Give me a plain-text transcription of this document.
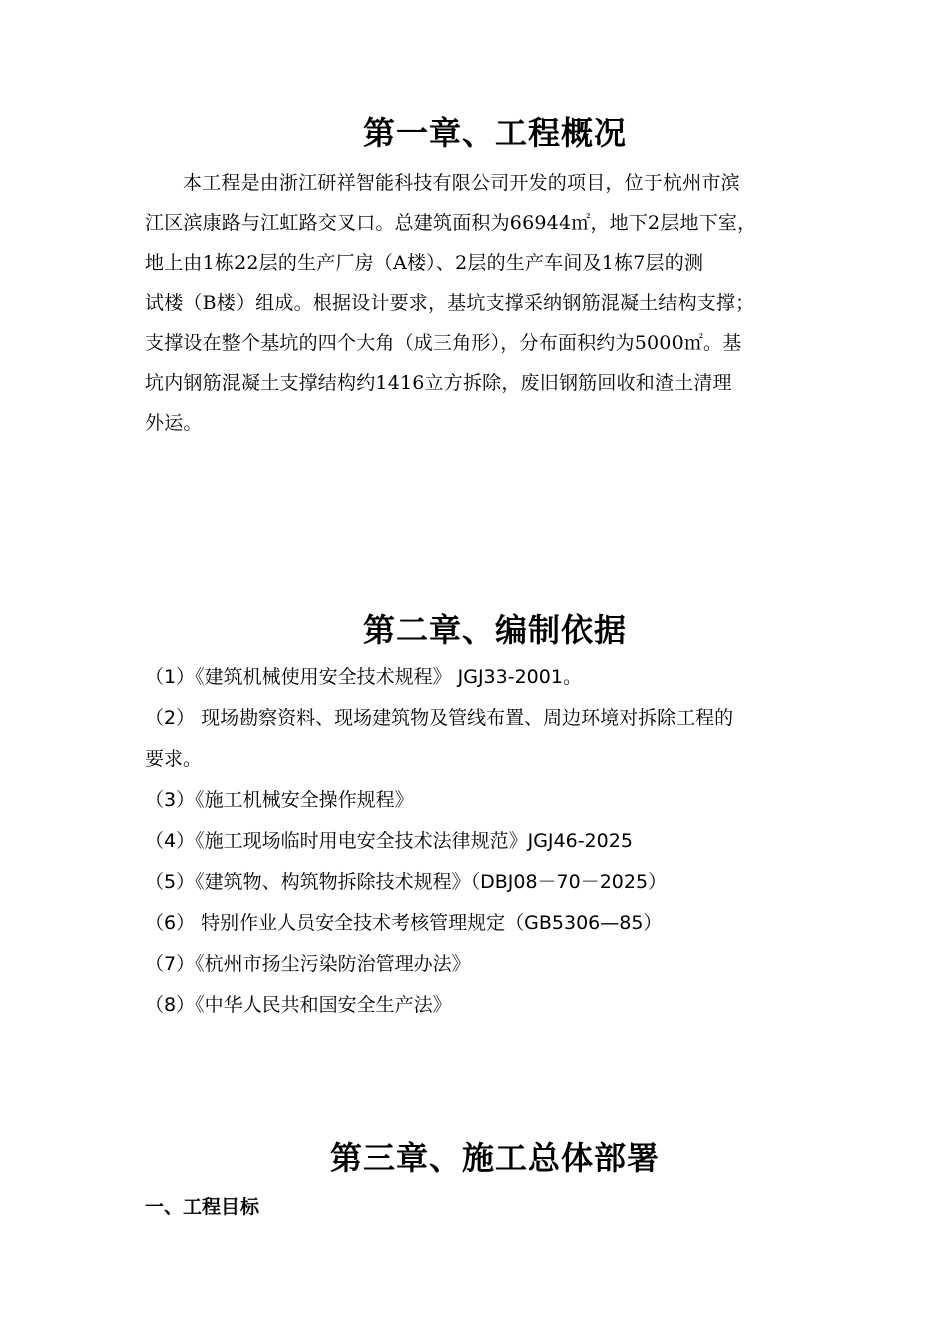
第一章、工程概况
本工程是由浙江研祥智能科技有限公司开发的项目，位于杭州市滨
江区滨康路与江虹路交叉口。总建筑面积为66944㎡，地下2层地下室，
地上由1栋22层的生产厂房（A楼）、2层的生产车间及1栋7层的测
试楼（B楼）组成。根据设计要求，基坑支撑采纳钢筋混凝土结构支撑；
支撑设在整个基坑的四个大角（成三角形），分布面积约为5000㎡。基
坑内钢筋混凝土支撑结构约1416立方拆除，废旧钢筋回收和渣土清理
外运。
第二章、编制依据
（1）《建筑机械使用安全技术规程》 JGJ33-2001。
（2） 现场勘察资料、现场建筑物及管线布置、周边环境对拆除工程的
要求。
（3）《施工机械安全操作规程》
（4）《施工现场临时用电安全技术法律规范》JGJ46-2025
（5）《建筑物、构筑物拆除技术规程》（DBJ08－70－2025）
（6） 特别作业人员安全技术考核管理规定（GB5306—85）
（7）《杭州市扬尘污染防治管理办法》
（8）《中华人民共和国安全生产法》
第三章、施工总体部署
一、工程目标
